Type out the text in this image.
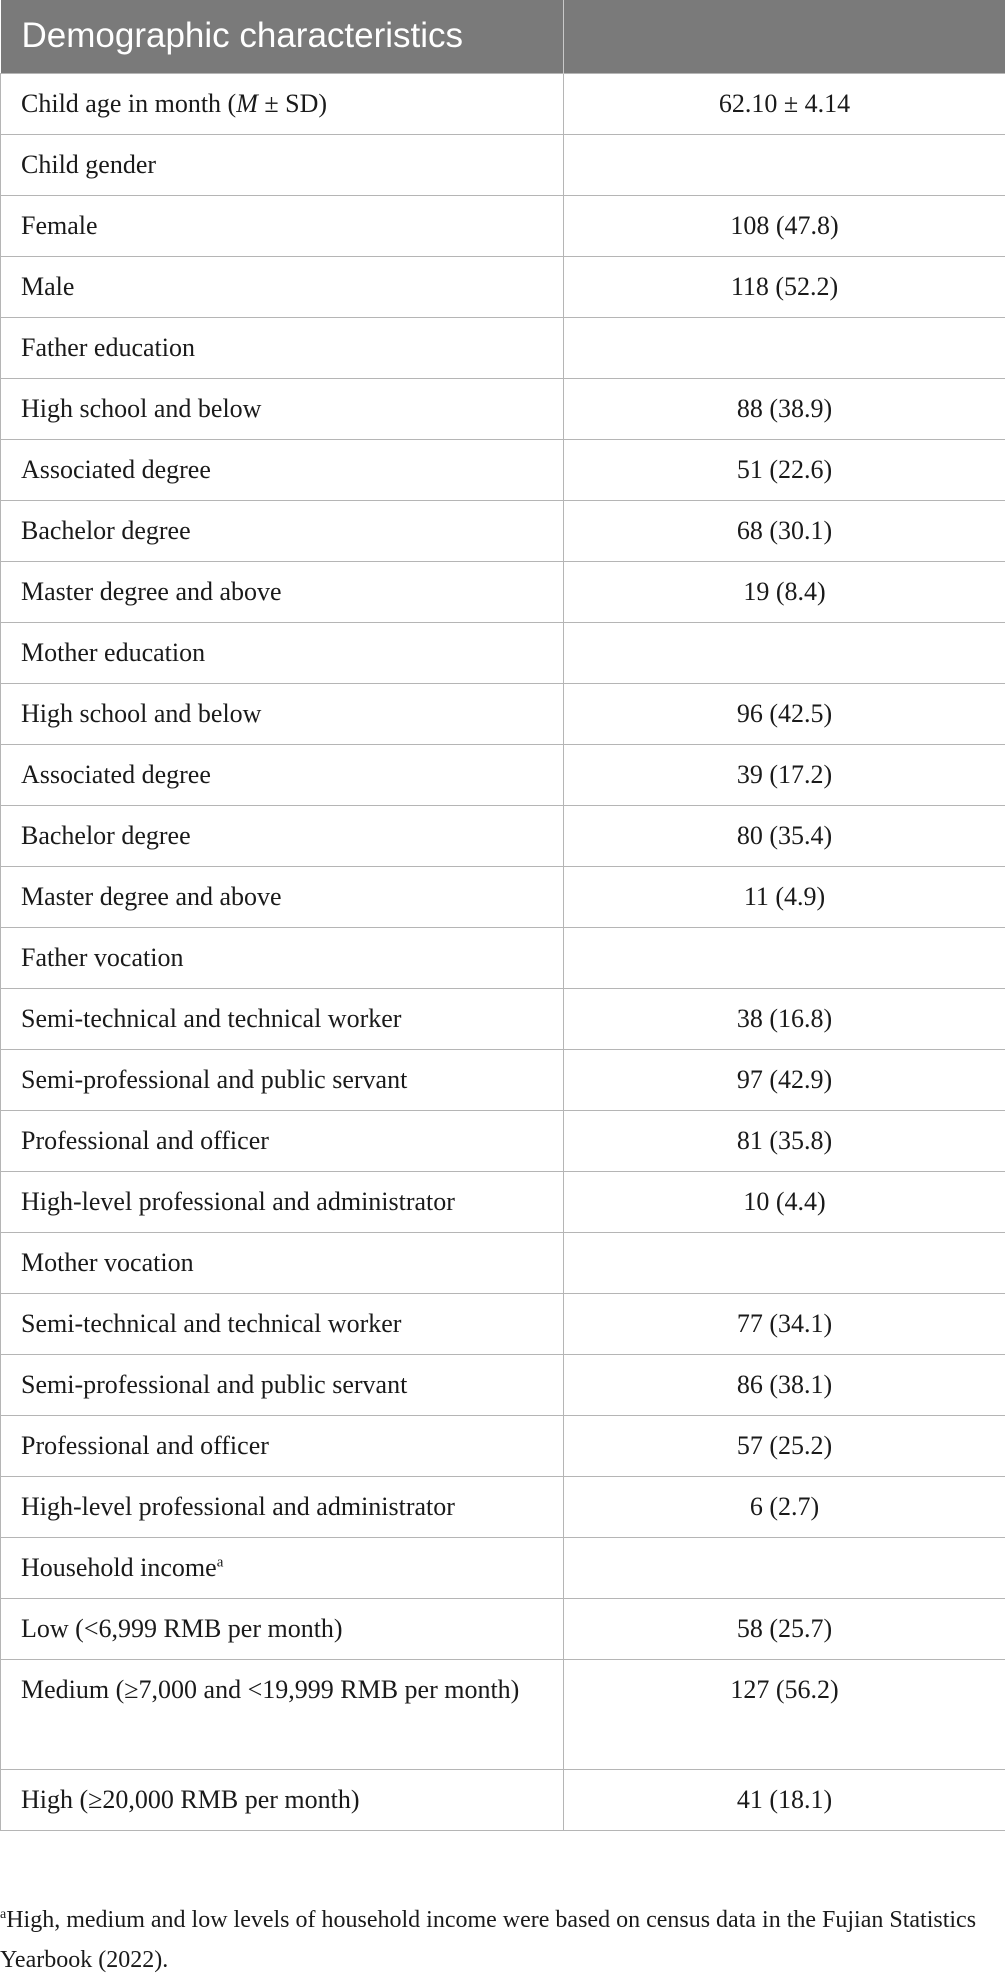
Demographic characteristics	
Child age in month (M ± SD)	62.10 ± 4.14
Child gender	
Female	108 (47.8)
Male	118 (52.2)
Father education	
High school and below	88 (38.9)
Associated degree	51 (22.6)
Bachelor degree	68 (30.1)
Master degree and above	19 (8.4)
Mother education	
High school and below	96 (42.5)
Associated degree	39 (17.2)
Bachelor degree	80 (35.4)
Master degree and above	11 (4.9)
Father vocation	
Semi-technical and technical worker	38 (16.8)
Semi-professional and public servant	97 (42.9)
Professional and officer	81 (35.8)
High-level professional and administrator	10 (4.4)
Mother vocation	
Semi-technical and technical worker	77 (34.1)
Semi-professional and public servant	86 (38.1)
Professional and officer	57 (25.2)
High-level professional and administrator	6 (2.7)
Household income$^a$	
Low (<6,999 RMB per month)	58 (25.7)
Medium (≥7,000 and <19,999 RMB per month)	127 (56.2)
High (≥20,000 RMB per month)	41 (18.1)
$^a$High, medium and low levels of household income were based on census data in the Fujian Statistics Yearbook (2022).
